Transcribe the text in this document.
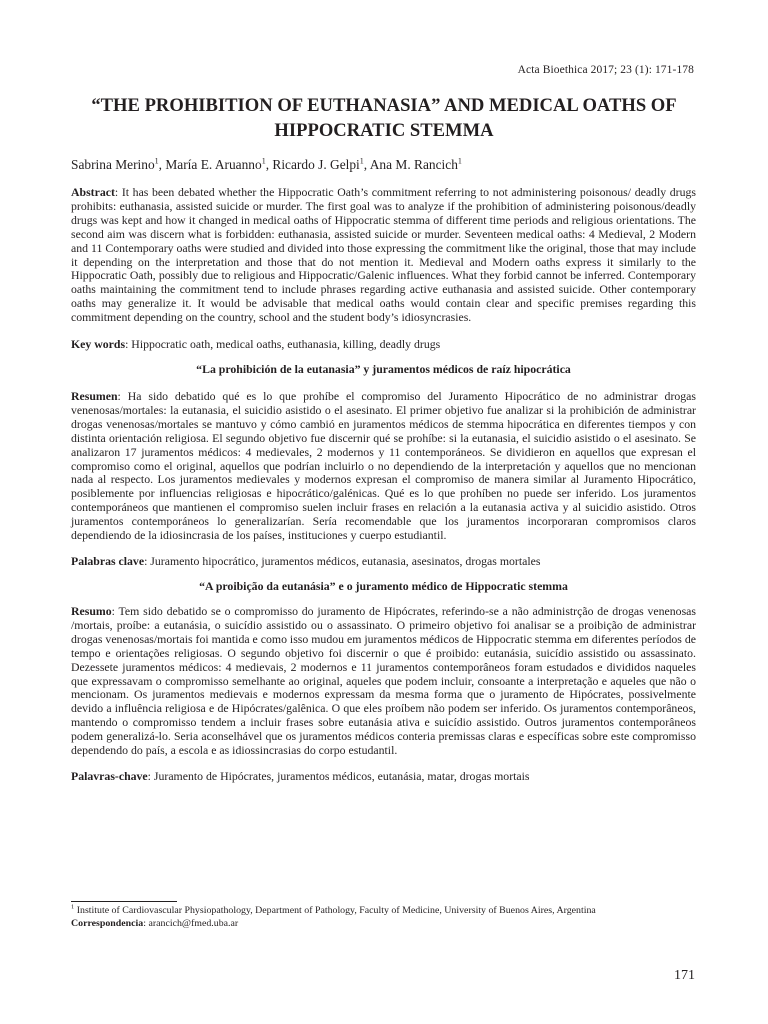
Acta Bioethica 2017; 23 (1): 171-178
“THE PROHIBITION OF EUTHANASIA” AND MEDICAL OATHS OF HIPPOCRATIC STEMMA
Sabrina Merino$^1$, María E. Aruanno$^1$, Ricardo J. Gelpi$^1$, Ana M. Rancich$^1$
Abstract: It has been debated whether the Hippocratic Oath’s commitment referring to not administering poisonous/ deadly drugs prohibits: euthanasia, assisted suicide or murder. The first goal was to analyze if the prohibition of administering poisonous/deadly drugs was kept and how it changed in medical oaths of Hippocratic stemma of different time periods and religious orientations. The second aim was discern what is forbidden: euthanasia, assisted suicide or murder. Seventeen medical oaths: 4 Medieval, 2 Modern and 11 Contemporary oaths were studied and divided into those expressing the commitment like the original, those that may include it depending on the interpretation and those that do not mention it. Medieval and Modern oaths express it similarly to the Hippocratic Oath, possibly due to religious and Hippocratic/Galenic influences. What they forbid cannot be inferred. Contemporary oaths maintaining the commitment tend to include phrases regarding active euthanasia and assisted suicide. Other contemporary oaths may generalize it. It would be advisable that medical oaths would contain clear and specific premises regarding this commitment depending on the country, school and the student body’s idiosyncrasies.
Key words: Hippocratic oath, medical oaths, euthanasia, killing, deadly drugs
“La prohibición de la eutanasia” y juramentos médicos de raíz hipocrática
Resumen: Ha sido debatido qué es lo que prohíbe el compromiso del Juramento Hipocrático de no administrar drogas venenosas/mortales: la eutanasia, el suicidio asistido o el asesinato. El primer objetivo fue analizar si la prohibición de administrar drogas venenosas/mortales se mantuvo y cómo cambió en juramentos médicos de stemma hipocrática en diferentes tiempos y con distinta orientación religiosa. El segundo objetivo fue discernir qué se prohíbe: si la eutanasia, el suicidio asistido o el asesinato. Se analizaron 17 juramentos médicos: 4 medievales, 2 modernos y 11 contemporáneos. Se dividieron en aquellos que expresan el compromiso como el original, aquellos que podrían incluirlo o no dependiendo de la interpretación y aquellos que no mencionan nada al respecto. Los juramentos medievales y modernos expresan el compromiso de manera similar al Juramento Hipocrático, posiblemente por influencias religiosas e hipocrático/galénicas. Qué es lo que prohíben no puede ser inferido. Los juramentos contemporáneos que mantienen el compromiso suelen incluir frases en relación a la eutanasia activa y al suicidio asistido. Otros juramentos contemporáneos lo generalizarían. Sería recomendable que los juramentos incorporaran compromisos claros dependiendo de la idiosincrasia de los países, instituciones y cuerpo estudiantil.
Palabras clave: Juramento hipocrático, juramentos médicos, eutanasia, asesinatos, drogas mortales
“A proibição da eutanásia” e o juramento médico de Hippocratic stemma
Resumo: Tem sido debatido se o compromisso do juramento de Hipócrates, referindo-se a não administrção de drogas venenosas /mortais, proíbe: a eutanásia, o suicídio assistido ou o assassinato. O primeiro objetivo foi analisar se a proibição de administrar drogas venenosas/mortais foi mantida e como isso mudou em juramentos médicos de Hippocratic stemma em diferentes períodos de tempo e orientações religiosas. O segundo objetivo foi discernir o que é proibido: eutanásia, suicídio assistido ou assassinato. Dezessete juramentos médicos: 4 medievais, 2 modernos e 11 juramentos contemporâneos foram estudados e divididos naqueles que expressavam o compromisso semelhante ao original, aqueles que podem incluir, consoante a interpretação e aqueles que não o mencionam. Os juramentos medievais e modernos expressam da mesma forma que o juramento de Hipócrates, possivelmente devido a influência religiosa e de Hipócrates/galênica. O que eles proíbem não podem ser inferido. Os juramentos contemporâneos, mantendo o compromisso tendem a incluir frases sobre eutanásia ativa e suicídio assistido. Outros juramentos contemporâneos podem generalizá-lo. Seria aconselhável que os juramentos médicos conteria premissas claras e específicas sobre este compromisso dependendo do país, a escola e as idiossincrasias do corpo estudantil.
Palavras-chave: Juramento de Hipócrates, juramentos médicos, eutanásia, matar, drogas mortais
$^1$ Institute of Cardiovascular Physiopathology, Department of Pathology, Faculty of Medicine, University of Buenos Aires, Argentina
Correspondencia: arancich@fmed.uba.ar
171
